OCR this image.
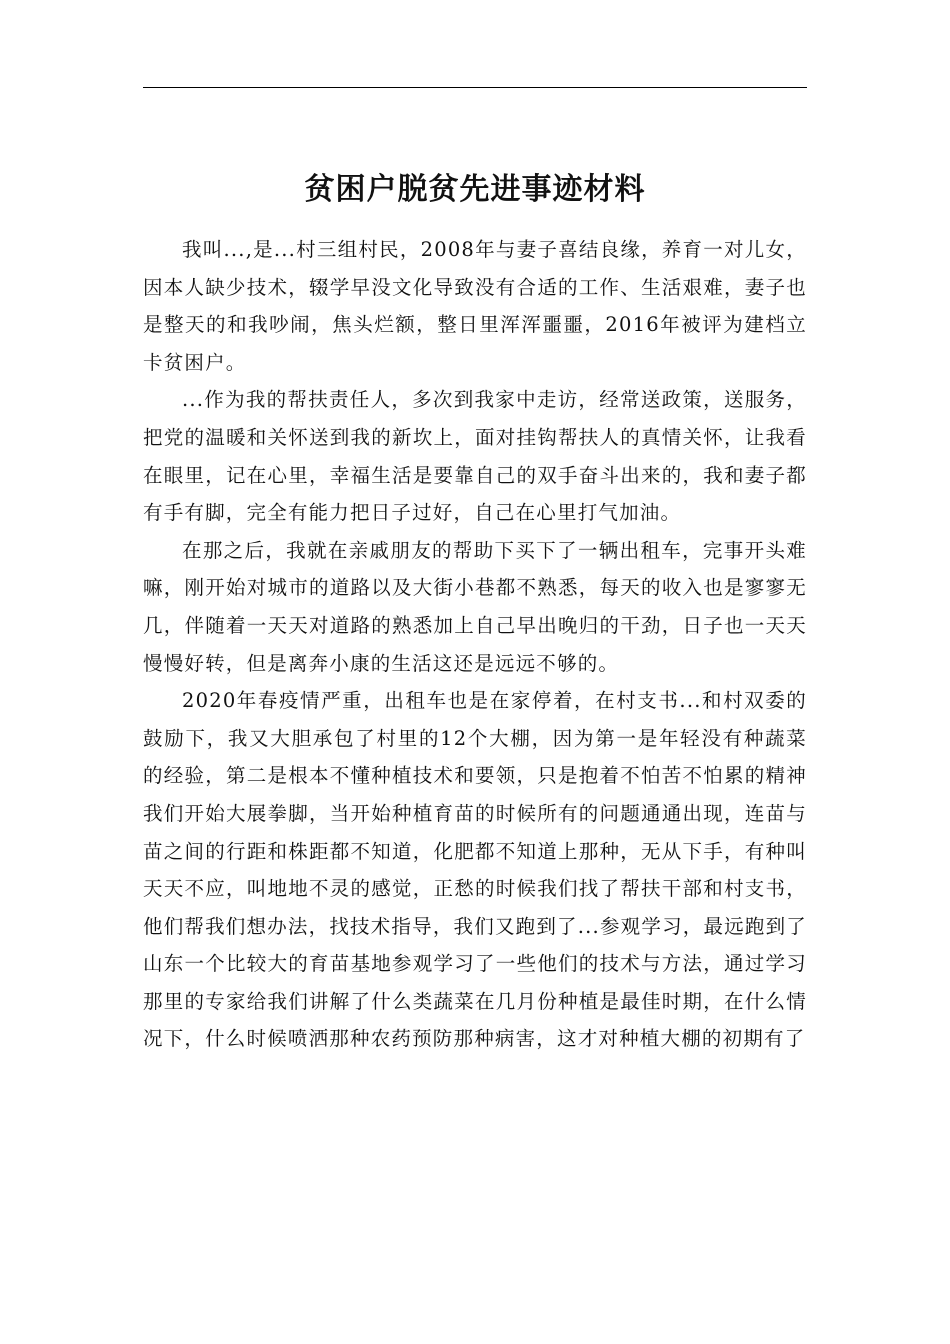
贫困户脱贫先进事迹材料

我叫...,是...村三组村民，2008年与妻子喜结良缘，养育一对儿女，因本人缺少技术，辍学早没文化导致没有合适的工作、生活艰难，妻子也是整天的和我吵闹，焦头烂额，整日里浑浑噩噩，2016年被评为建档立卡贫困户。

...作为我的帮扶责任人，多次到我家中走访，经常送政策，送服务，把党的温暖和关怀送到我的新坎上，面对挂钩帮扶人的真情关怀，让我看在眼里，记在心里，幸福生活是要靠自己的双手奋斗出来的，我和妻子都有手有脚，完全有能力把日子过好，自己在心里打气加油。

在那之后，我就在亲戚朋友的帮助下买下了一辆出租车，完事开头难嘛，刚开始对城市的道路以及大街小巷都不熟悉，每天的收入也是寥寥无几，伴随着一天天对道路的熟悉加上自己早出晚归的干劲，日子也一天天慢慢好转，但是离奔小康的生活这还是远远不够的。

2020年春疫情严重，出租车也是在家停着，在村支书...和村双委的鼓励下，我又大胆承包了村里的12个大棚，因为第一是年轻没有种蔬菜的经验，第二是根本不懂种植技术和要领，只是抱着不怕苦不怕累的精神我们开始大展拳脚，当开始种植育苗的时候所有的问题通通出现，连苗与苗之间的行距和株距都不知道，化肥都不知道上那种，无从下手，有种叫天天不应，叫地地不灵的感觉，正愁的时候我们找了帮扶干部和村支书，他们帮我们想办法，找技术指导，我们又跑到了...参观学习，最远跑到了山东一个比较大的育苗基地参观学习了一些他们的技术与方法，通过学习那里的专家给我们讲解了什么类蔬菜在几月份种植是最佳时期，在什么情况下，什么时候喷洒那种农药预防那种病害，这才对种植大棚的初期有了
